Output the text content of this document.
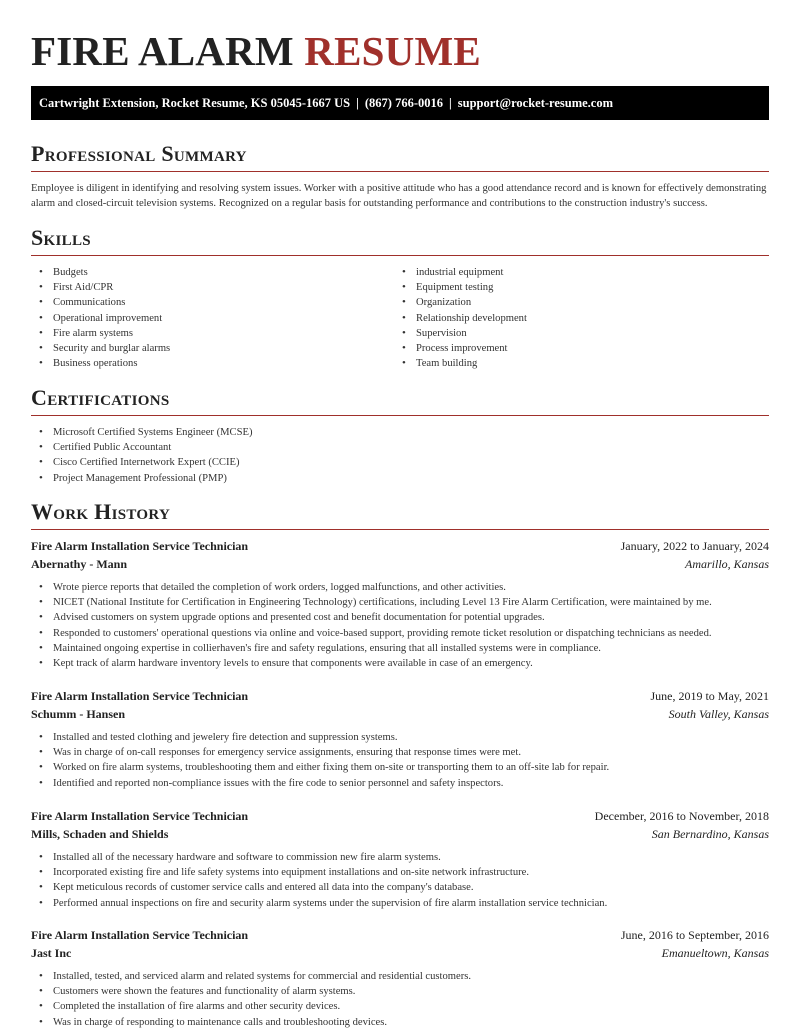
FIRE ALARM RESUME
Cartwright Extension, Rocket Resume, KS 05045-1667 US | (867) 766-0016 | support@rocket-resume.com
Professional Summary

Employee is diligent in identifying and resolving system issues. Worker with a positive attitude who has a good attendance record and is known for effectively demonstrating alarm and closed-circuit television systems. Recognized on a regular basis for outstanding performance and contributions to the construction industry's success.

Skills
• Budgets
• First Aid/CPR
• Communications
• Operational improvement
• Fire alarm systems
• Security and burglar alarms
• Business operations
• industrial equipment
• Equipment testing
• Organization
• Relationship development
• Supervision
• Process improvement
• Team building
Certifications
• Microsoft Certified Systems Engineer (MCSE)
• Certified Public Accountant
• Cisco Certified Internetwork Expert (CCIE)
• Project Management Professional (PMP)
Work History
Fire Alarm Installation Service Technician	January, 2022 to January, 2024
Abernathy - Mann	Amarillo, Kansas
• Wrote pierce reports that detailed the completion of work orders, logged malfunctions, and other activities.
• NICET (National Institute for Certification in Engineering Technology) certifications, including Level 13 Fire Alarm Certification, were maintained by me.
• Advised customers on system upgrade options and presented cost and benefit documentation for potential upgrades.
• Responded to customers' operational questions via online and voice-based support, providing remote ticket resolution or dispatching technicians as needed.
• Maintained ongoing expertise in collierhaven's fire and safety regulations, ensuring that all installed systems were in compliance.
• Kept track of alarm hardware inventory levels to ensure that components were available in case of an emergency.
Fire Alarm Installation Service Technician	June, 2019 to May, 2021
Schumm - Hansen	South Valley, Kansas
• Installed and tested clothing and jewelery fire detection and suppression systems.
• Was in charge of on-call responses for emergency service assignments, ensuring that response times were met.
• Worked on fire alarm systems, troubleshooting them and either fixing them on-site or transporting them to an off-site lab for repair.
• Identified and reported non-compliance issues with the fire code to senior personnel and safety inspectors.
Fire Alarm Installation Service Technician	December, 2016 to November, 2018
Mills, Schaden and Shields	San Bernardino, Kansas
• Installed all of the necessary hardware and software to commission new fire alarm systems.
• Incorporated existing fire and life safety systems into equipment installations and on-site network infrastructure.
• Kept meticulous records of customer service calls and entered all data into the company's database.
• Performed annual inspections on fire and security alarm systems under the supervision of fire alarm installation service technician.
Fire Alarm Installation Service Technician	June, 2016 to September, 2016
Jast Inc	Emanueltown, Kansas
• Installed, tested, and serviced alarm and related systems for commercial and residential customers.
• Customers were shown the features and functionality of alarm systems.
• Completed the installation of fire alarms and other security devices.
• Was in charge of responding to maintenance calls and troubleshooting devices.
